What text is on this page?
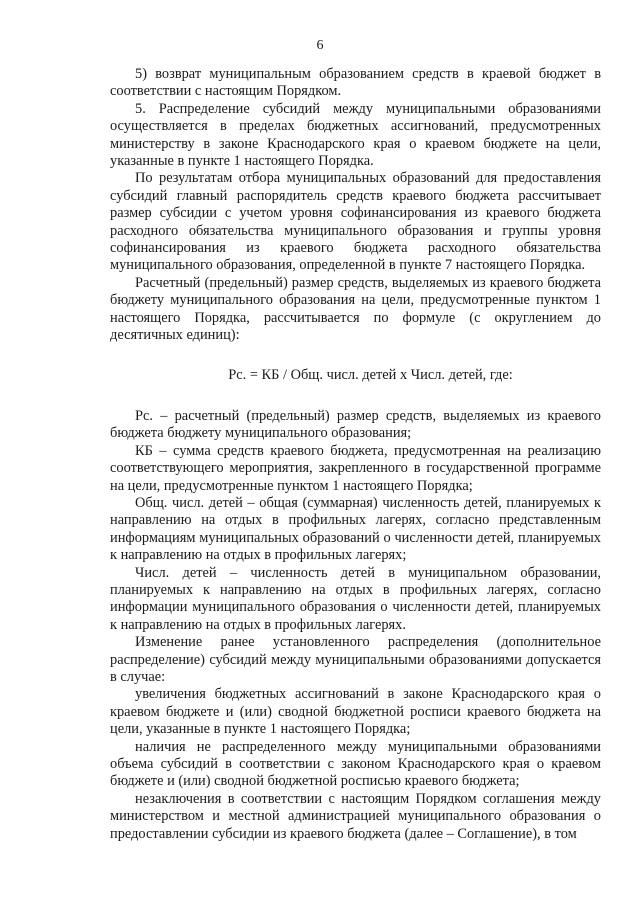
6

5) возврат муниципальным образованием средств в краевой бюджет в соответствии с настоящим Порядком.

5. Распределение субсидий между муниципальными образованиями осуществляется в пределах бюджетных ассигнований, предусмотренных министерству в законе Краснодарского края о краевом бюджете на цели, указанные в пункте 1 настоящего Порядка.

По результатам отбора муниципальных образований для предоставления субсидий главный распорядитель средств краевого бюджета рассчитывает размер субсидии с учетом уровня софинансирования из краевого бюджета расходного обязательства муниципального образования и группы уровня софинансирования из краевого бюджета расходного обязательства муниципального образования, определенной в пункте 7 настоящего Порядка.

Расчетный (предельный) размер средств, выделяемых из краевого бюджета бюджету муниципального образования на цели, предусмотренные пунктом 1 настоящего Порядка, рассчитывается по формуле (с округлением до десятичных единиц):

Рс. = КБ / Общ. числ. детей х Числ. детей, где:

Рс. – расчетный (предельный) размер средств, выделяемых из краевого бюджета бюджету муниципального образования;

КБ – сумма средств краевого бюджета, предусмотренная на реализацию соответствующего мероприятия, закрепленного в государственной программе на цели, предусмотренные пунктом 1 настоящего Порядка;

Общ. числ. детей – общая (суммарная) численность детей, планируемых к направлению на отдых в профильных лагерях, согласно представленным информациям муниципальных образований о численности детей, планируемых к направлению на отдых в профильных лагерях;

Числ. детей – численность детей в муниципальном образовании, планируемых к направлению на отдых в профильных лагерях, согласно информации муниципального образования о численности детей, планируемых к направлению на отдых в профильных лагерях.

Изменение ранее установленного распределения (дополнительное распределение) субсидий между муниципальными образованиями допускается в случае:

увеличения бюджетных ассигнований в законе Краснодарского края о краевом бюджете и (или) сводной бюджетной росписи краевого бюджета на цели, указанные в пункте 1 настоящего Порядка;

наличия не распределенного между муниципальными образованиями объема субсидий в соответствии с законом Краснодарского края о краевом бюджете и (или) сводной бюджетной росписью краевого бюджета;

незаключения в соответствии с настоящим Порядком соглашения между министерством и местной администрацией муниципального образования о предоставлении субсидии из краевого бюджета (далее – Соглашение), в том
